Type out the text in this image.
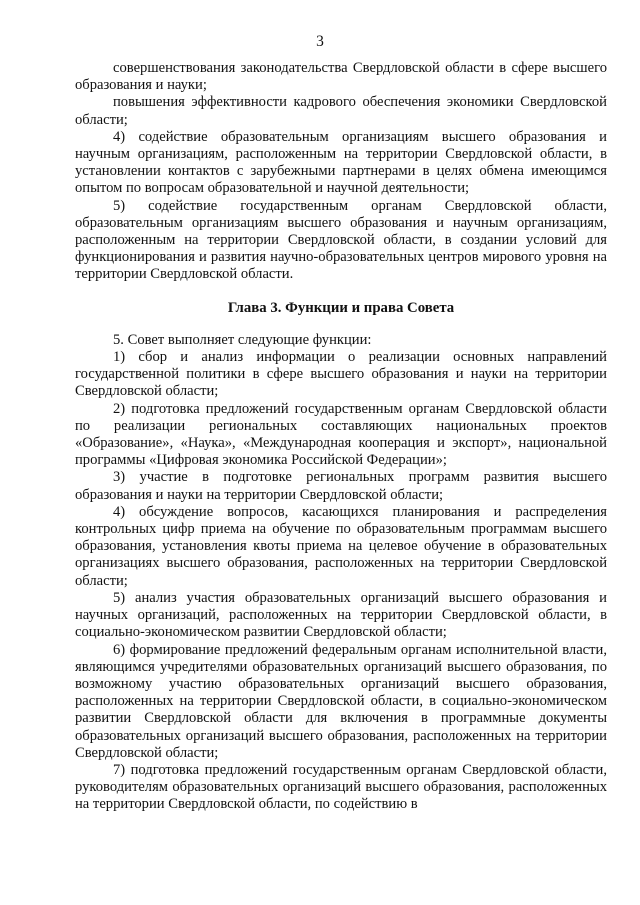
3

совершенствования законодательства Свердловской области в сфере высшего образования и науки;

повышения эффективности кадрового обеспечения экономики Свердловской области;

4) содействие образовательным организациям высшего образования и научным организациям, расположенным на территории Свердловской области, в установлении контактов с зарубежными партнерами в целях обмена имеющимся опытом по вопросам образовательной и научной деятельности;

5) содействие государственным органам Свердловской области, образовательным организациям высшего образования и научным организациям, расположенным на территории Свердловской области, в создании условий для функционирования и развития научно-образовательных центров мирового уровня на территории Свердловской области.

Глава 3. Функции и права Совета

5. Совет выполняет следующие функции:

1) сбор и анализ информации о реализации основных направлений государственной политики в сфере высшего образования и науки на территории Свердловской области;

2) подготовка предложений государственным органам Свердловской области по реализации региональных составляющих национальных проектов «Образование», «Наука», «Международная кооперация и экспорт», национальной программы «Цифровая экономика Российской Федерации»;

3) участие в подготовке региональных программ развития высшего образования и науки на территории Свердловской области;

4) обсуждение вопросов, касающихся планирования и распределения контрольных цифр приема на обучение по образовательным программам высшего образования, установления квоты приема на целевое обучение в образовательных организациях высшего образования, расположенных на территории Свердловской области;

5) анализ участия образовательных организаций высшего образования и научных организаций, расположенных на территории Свердловской области, в социально-экономическом развитии Свердловской области;

6) формирование предложений федеральным органам исполнительной власти, являющимся учредителями образовательных организаций высшего образования, по возможному участию образовательных организаций высшего образования, расположенных на территории Свердловской области, в социально-экономическом развитии Свердловской области для включения в программные документы образовательных организаций высшего образования, расположенных на территории Свердловской области;

7) подготовка предложений государственным органам Свердловской области, руководителям образовательных организаций высшего образования, расположенных на территории Свердловской области, по содействию в
